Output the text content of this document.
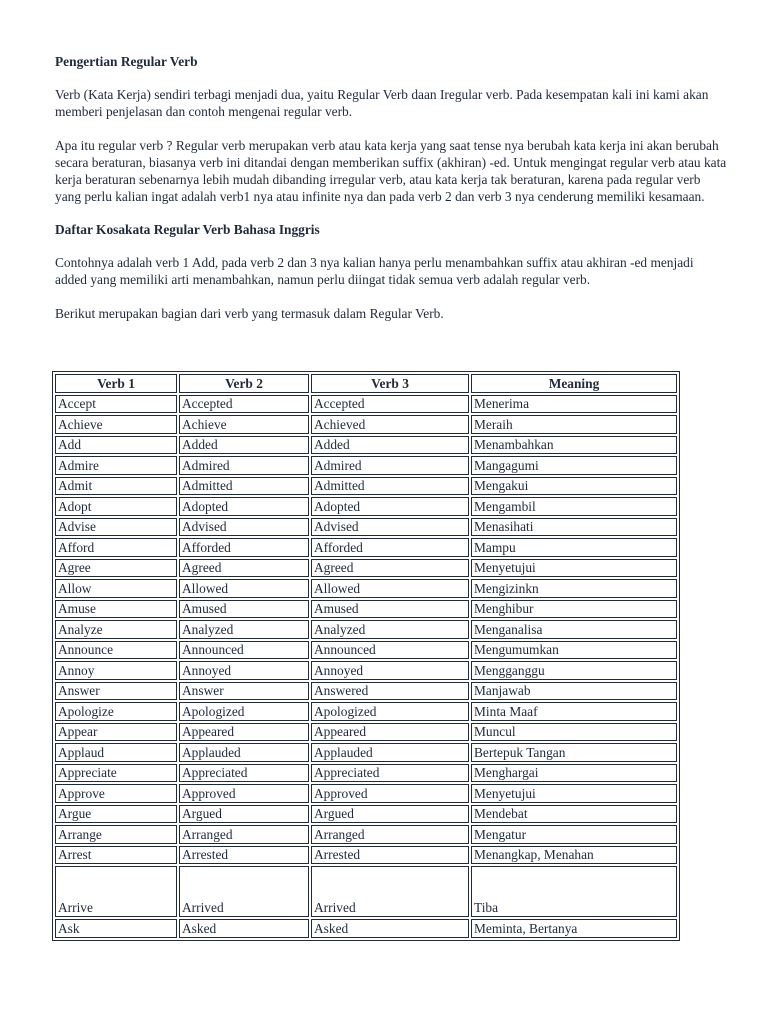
Pengertian Regular Verb

Verb (Kata Kerja) sendiri terbagi menjadi dua, yaitu Regular Verb daan Iregular verb. Pada kesempatan kali ini kami akan memberi penjelasan dan contoh mengenai regular verb.

Apa itu regular verb ? Regular verb merupakan verb atau kata kerja yang saat tense nya berubah kata kerja ini akan berubah secara beraturan, biasanya verb ini ditandai dengan memberikan suffix (akhiran) -ed. Untuk mengingat regular verb atau kata kerja beraturan sebenarnya lebih mudah dibanding irregular verb, atau kata kerja tak beraturan, karena pada regular verb yang perlu kalian ingat adalah verb1 nya atau infinite nya dan pada verb 2 dan verb 3 nya cenderung memiliki kesamaan.

Daftar Kosakata Regular Verb Bahasa Inggris

Contohnya adalah verb 1 Add, pada verb 2 dan 3 nya kalian hanya perlu menambahkan suffix atau akhiran -ed menjadi added yang memiliki arti menambahkan, namun perlu diingat tidak semua verb adalah regular verb.

Berikut merupakan bagian dari verb yang termasuk dalam Regular Verb.

Verb 1	Verb 2	Verb 3	Meaning
Accept	Accepted	Accepted	Menerima
Achieve	Achieve	Achieved	Meraih
Add	Added	Added	Menambahkan
Admire	Admired	Admired	Mangagumi
Admit	Admitted	Admitted	Mengakui
Adopt	Adopted	Adopted	Mengambil
Advise	Advised	Advised	Menasihati
Afford	Afforded	Afforded	Mampu
Agree	Agreed	Agreed	Menyetujui
Allow	Allowed	Allowed	Mengizinkn
Amuse	Amused	Amused	Menghibur
Analyze	Analyzed	Analyzed	Menganalisa
Announce	Announced	Announced	Mengumumkan
Annoy	Annoyed	Annoyed	Mengganggu
Answer	Answer	Answered	Manjawab
Apologize	Apologized	Apologized	Minta Maaf
Appear	Appeared	Appeared	Muncul
Applaud	Applauded	Applauded	Bertepuk Tangan
Appreciate	Appreciated	Appreciated	Menghargai
Approve	Approved	Approved	Menyetujui
Argue	Argued	Argued	Mendebat
Arrange	Arranged	Arranged	Mengatur
Arrest	Arrested	Arrested	Menangkap, Menahan
Arrive	Arrived	Arrived	Tiba
Ask	Asked	Asked	Meminta, Bertanya
